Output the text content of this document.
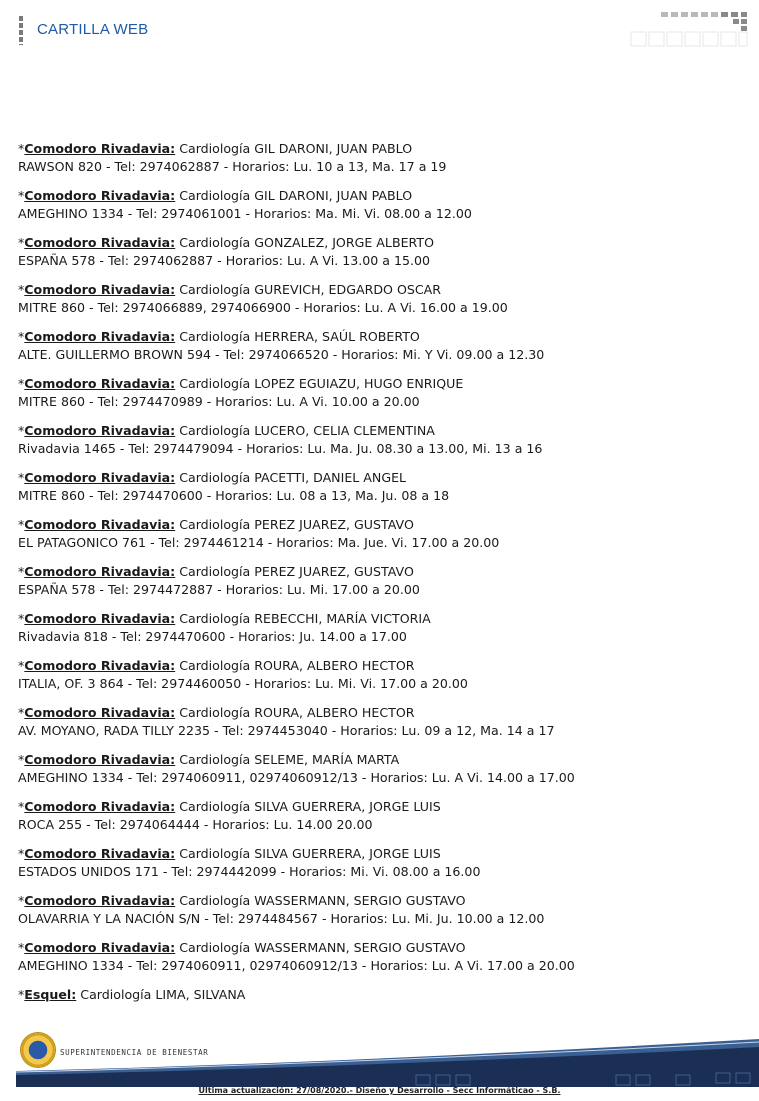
CARTILLA WEB
*Comodoro Rivadavia: Cardiología GIL DARONI, JUAN PABLO
RAWSON 820 - Tel: 2974062887 - Horarios: Lu. 10 a 13, Ma. 17 a 19
*Comodoro Rivadavia: Cardiología GIL DARONI, JUAN PABLO
AMEGHINO 1334 - Tel: 2974061001 - Horarios: Ma. Mi. Vi. 08.00 a 12.00
*Comodoro Rivadavia: Cardiología GONZALEZ, JORGE ALBERTO
ESPAÑA 578 - Tel: 2974062887 - Horarios: Lu. A Vi. 13.00 a 15.00
*Comodoro Rivadavia: Cardiología GUREVICH, EDGARDO OSCAR
MITRE 860 - Tel: 2974066889, 2974066900 - Horarios: Lu. A Vi. 16.00 a 19.00
*Comodoro Rivadavia: Cardiología HERRERA, SAÚL ROBERTO
ALTE. GUILLERMO BROWN 594 - Tel: 2974066520 - Horarios: Mi. Y Vi. 09.00 a 12.30
*Comodoro Rivadavia: Cardiología LOPEZ EGUIAZU, HUGO ENRIQUE
MITRE 860 - Tel: 2974470989 - Horarios: Lu. A Vi. 10.00 a 20.00
*Comodoro Rivadavia: Cardiología LUCERO, CELIA CLEMENTINA
Rivadavia 1465 - Tel: 2974479094 - Horarios: Lu. Ma. Ju. 08.30 a 13.00, Mi. 13 a 16
*Comodoro Rivadavia: Cardiología PACETTI, DANIEL ANGEL
MITRE 860 - Tel: 2974470600 - Horarios: Lu. 08 a 13, Ma. Ju. 08 a 18
*Comodoro Rivadavia: Cardiología PEREZ JUAREZ, GUSTAVO
EL PATAGONICO 761 - Tel: 2974461214 - Horarios: Ma. Jue. Vi. 17.00 a 20.00
*Comodoro Rivadavia: Cardiología PEREZ JUAREZ, GUSTAVO
ESPAÑA 578 - Tel: 2974472887 - Horarios: Lu. Mi. 17.00 a 20.00
*Comodoro Rivadavia: Cardiología REBECCHI, MARÍA VICTORIA
Rivadavia 818 - Tel: 2974470600 - Horarios: Ju. 14.00 a 17.00
*Comodoro Rivadavia: Cardiología ROURA, ALBERO HECTOR
ITALIA, OF. 3 864 - Tel: 2974460050 - Horarios: Lu. Mi. Vi. 17.00 a 20.00
*Comodoro Rivadavia: Cardiología ROURA, ALBERO HECTOR
AV. MOYANO, RADA TILLY 2235 - Tel: 2974453040 - Horarios: Lu. 09 a 12, Ma. 14 a 17
*Comodoro Rivadavia: Cardiología SELEME, MARÍA MARTA
AMEGHINO 1334 - Tel: 2974060911, 02974060912/13 - Horarios: Lu. A Vi. 14.00 a 17.00
*Comodoro Rivadavia: Cardiología SILVA GUERRERA, JORGE LUIS
ROCA 255 - Tel: 2974064444 - Horarios: Lu. 14.00 20.00
*Comodoro Rivadavia: Cardiología SILVA GUERRERA, JORGE LUIS
ESTADOS UNIDOS 171 - Tel: 2974442099 - Horarios: Mi. Vi. 08.00 a 16.00
*Comodoro Rivadavia: Cardiología WASSERMANN, SERGIO GUSTAVO
OLAVARRIA Y LA NACIÓN S/N - Tel: 2974484567 - Horarios: Lu. Mi. Ju. 10.00 a 12.00
*Comodoro Rivadavia: Cardiología WASSERMANN, SERGIO GUSTAVO
AMEGHINO 1334 - Tel: 2974060911, 02974060912/13 - Horarios: Lu. A Vi. 17.00 a 20.00
*Esquel: Cardiología LIMA, SILVANA
SUPERINTENDENCIA DE BIENESTAR
Última actualización: 27/08/2020.- Diseño y Desarrollo - Secc Informáticao - S.B.
